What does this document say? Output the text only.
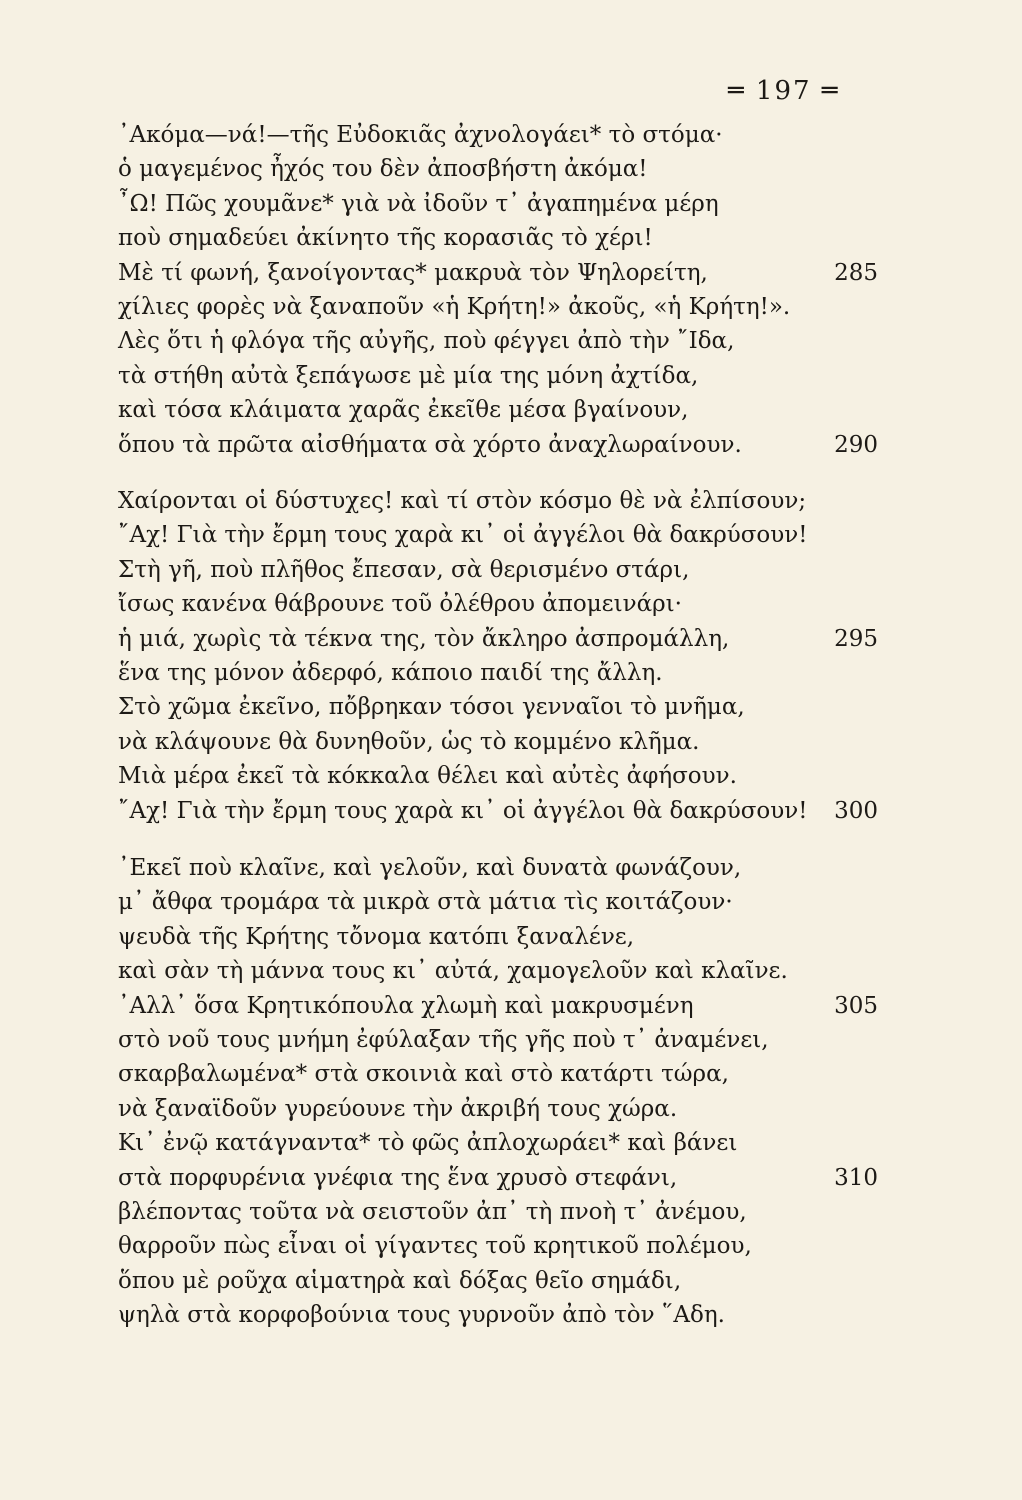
═ 197 ═
᾿Ακόμα—νά!—τῆς Εὐδοκιᾶς ἀχνολογάει* τὸ στόμα·
ὁ μαγεμένος ἦχός του δὲν ἀποσβήστη ἀκόμα!
῏Ω! Πῶς χουμᾶνε* γιὰ νὰ ἰδοῦν τ᾿ ἀγαπημένα μέρη
ποὺ σημαδεύει ἀκίνητο τῆς κορασιᾶς τὸ χέρι!
Μὲ τί φωνή, ξανοίγοντας* μακρυὰ τὸν Ψηλορείτη,	285
χίλιες φορὲς νὰ ξαναποῦν «ἡ Κρήτη!» ἀκοῦς, «ἡ Κρήτη!».
Λὲς ὅτι ἡ φλόγα τῆς αὐγῆς, ποὺ φέγγει ἀπὸ τὴν ῎Ιδα,
τὰ στήθη αὐτὰ ξεπάγωσε μὲ μία της μόνη ἀχτίδα,
καὶ τόσα κλάιματα χαρᾶς ἐκεῖθε μέσα βγαίνουν,
ὅπου τὰ πρῶτα αἰσθήματα σὰ χόρτο ἀναχλωραίνουν.	290
Χαίρονται οἱ δύστυχες! καὶ τί στὸν κόσμο θὲ νὰ ἐλπίσουν;
῎Αχ! Γιὰ τὴν ἔρμη τους χαρὰ κι᾿ οἱ ἀγγέλοι θὰ δακρύσουν!
Στὴ γῆ, ποὺ πλῆθος ἔπεσαν, σὰ θερισμένο στάρι,
ἴσως κανένα θάβρουνε τοῦ ὀλέθρου ἀπομεινάρι·
ἡ μιά, χωρὶς τὰ τέκνα της, τὸν ἄκληρο ἀσπρομάλλη,	295
ἕνα της μόνον ἀδερφό, κάποιο παιδί της ἄλλη.
Στὸ χῶμα ἐκεῖνο, πὄβρηκαν τόσοι γενναῖοι τὸ μνῆμα,
νὰ κλάψουνε θὰ δυνηθοῦν, ὡς τὸ κομμένο κλῆμα.
Μιὰ μέρα ἐκεῖ τὰ κόκκαλα θέλει καὶ αὐτὲς ἀφήσουν.
῎Αχ! Γιὰ τὴν ἔρμη τους χαρὰ κι᾿ οἱ ἀγγέλοι θὰ δακρύσουν! 300
᾿Εκεῖ ποὺ κλαῖνε, καὶ γελοῦν, καὶ δυνατὰ φωνάζουν,
μ᾿ ἄθφα τρομάρα τὰ μικρὰ στὰ μάτια τὶς κοιτάζουν·
ψευδὰ τῆς Κρήτης τὄνομα κατόπι ξαναλένε,
καὶ σὰν τὴ μάννα τους κι᾿ αὐτά, χαμογελοῦν καὶ κλαῖνε.
᾿Αλλ᾿ ὅσα Κρητικόπουλα χλωμὴ καὶ μακρυσμένη	305
στὸ νοῦ τους μνήμη ἐφύλαξαν τῆς γῆς ποὺ τ᾿ ἀναμένει,
σκαρβαλωμένα* στὰ σκοινιὰ καὶ στὸ κατάρτι τώρα,
νὰ ξαναϊδοῦν γυρεύουνε τὴν ἀκριβή τους χώρα.
Κι᾿ ἐνῷ κατάγναντα* τὸ φῶς ἀπλοχωράει* καὶ βάνει
στὰ πορφυρένια γνέφια της ἕνα χρυσὸ στεφάνι,	310
βλέποντας τοῦτα νὰ σειστοῦν ἀπ᾿ τὴ πνοὴ τ᾿ ἀνέμου,
θαρροῦν πὼς εἶναι οἱ γίγαντες τοῦ κρητικοῦ πολέμου,
ὅπου μὲ ροῦχα αἱματηρὰ καὶ δόξας θεῖο σημάδι,
ψηλὰ στὰ κορφοβούνια τους γυρνοῦν ἀπὸ τὸν ῞Αδη.
